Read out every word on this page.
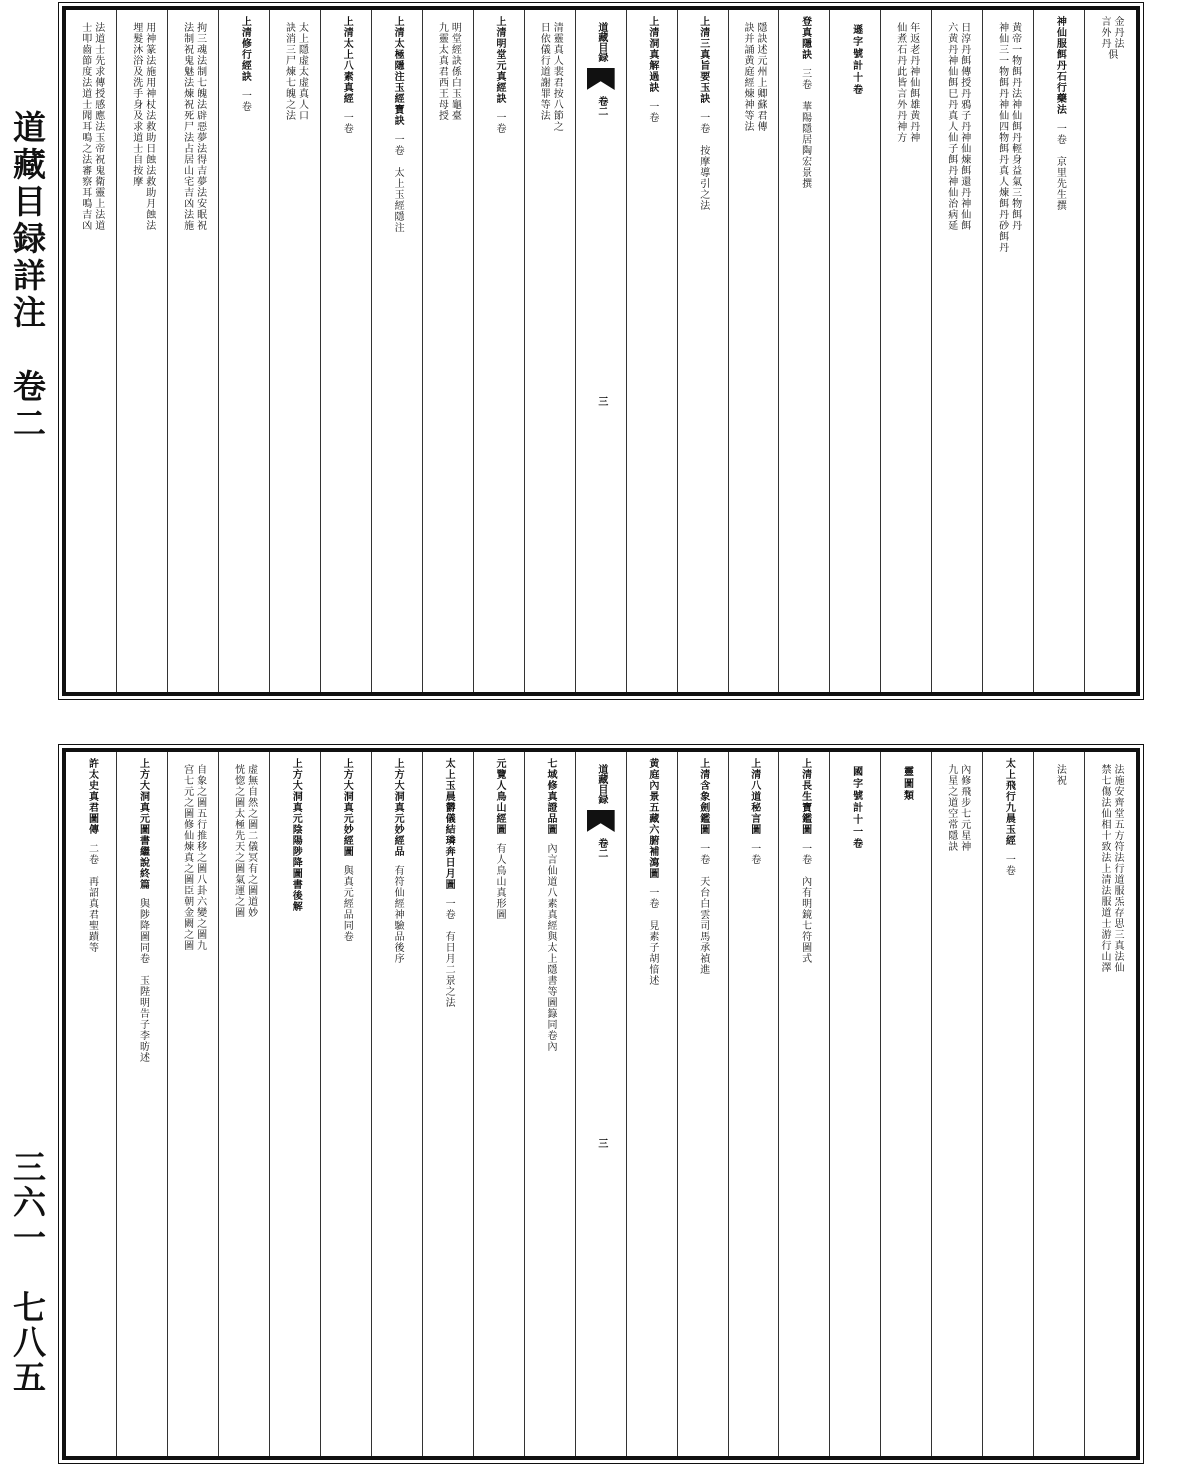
道藏目録詳注　卷二
三六一　七八五
金丹法
言外丹
俱
神仙服餌丹石行藥法
一卷　京里先生撰
黄帝一物餌丹法神仙餌丹輕身益氣三物餌丹
神仙三一物餌丹神仙四物餌丹真人煉餌丹砂餌丹
日淳丹餌傳授丹鴉子丹神仙煉餌還丹神仙餌
六黄丹神仙餌巳丹真人仙子餌丹神仙治病延
年返老丹神仙餌雄黄丹神
仙煮石丹此皆言外丹神方
遜字號計十卷
登真隱訣
三卷　華陽隱居陶宏景撰
隱訣述元州上卿蘇君傳
訣并誦黄庭經煉神等法
上清三真旨要玉訣
一卷　按摩導引之法
上清洞真解過訣
一卷
道藏目録
卷二
三
清靈真人裴君按八節之
日依儀行道謝罪等法
上清明堂元真經訣
一卷
明堂經訣係白玉龜臺
九靈太真君西王母授
上清太極隱注玉經寶訣
一卷　太上玉經隱注
上清太上八素真經
一卷
太上隱虚太虚真人口
訣消三尸煉七魄之法
上清修行經訣
一卷
拘三魂法制七魄法辟惡夢法得吉夢法安眠祝
法制祝鬼魅法煉祝死尸法占居山宅吉凶法施
用神篆法施用神杖法救助日蝕法救助月蝕法
埋髮沐浴及洗手身及求道士自按摩
法道士先求傳授感應法玉帝祝鬼衛靈上法道
士叩齒節度法道士聞耳鳴之法審察耳鳴吉凶
法施安齊堂五方符法行道服炁存思三真法仙
禁七傷法仙相十致法上清法服道士游行山澤
法祝
太上飛行九晨玉經
一卷
內修飛步七元星神
九星之道空常隱訣
靈圖類
國字號計十一卷
上清長生寶鑑圖
一卷　內有明鏡七符圖式
上清八道秘言圖
一卷
上清含象劍鑑圖
一卷　天台白雲司馬承禎進
黄庭內景五藏六腑補瀉圖
一卷　見素子胡愔述
道藏目録
卷二
三
七域修真證品圖
內言仙道八素真經與太上隱書等圖籙同卷內
元覽人鳥山經圖
有人鳥山真形圖
太上玉晨欝儀結璘奔日月圖
一卷　有日月二景之法
上方大洞真元妙經品
有符仙經神驗品後序
上方大洞真元妙經圖
與真元經品同卷
上方大洞真元陰陽陟降圖書後解
虚無自然之圖二儀冥有之圖道妙
恍惚之圖太極先天之圖氣運之圖
自象之圖五行推移之圖八卦六變之圖九
宫七元之圖修仙煉真之圖臣朝金闕之圖
上方大洞真元圖書繼說終篇
與陟降圖同卷　玉陛明告子李昉述
許太史真君圖傳
二卷　再詔真君聖蹟等
